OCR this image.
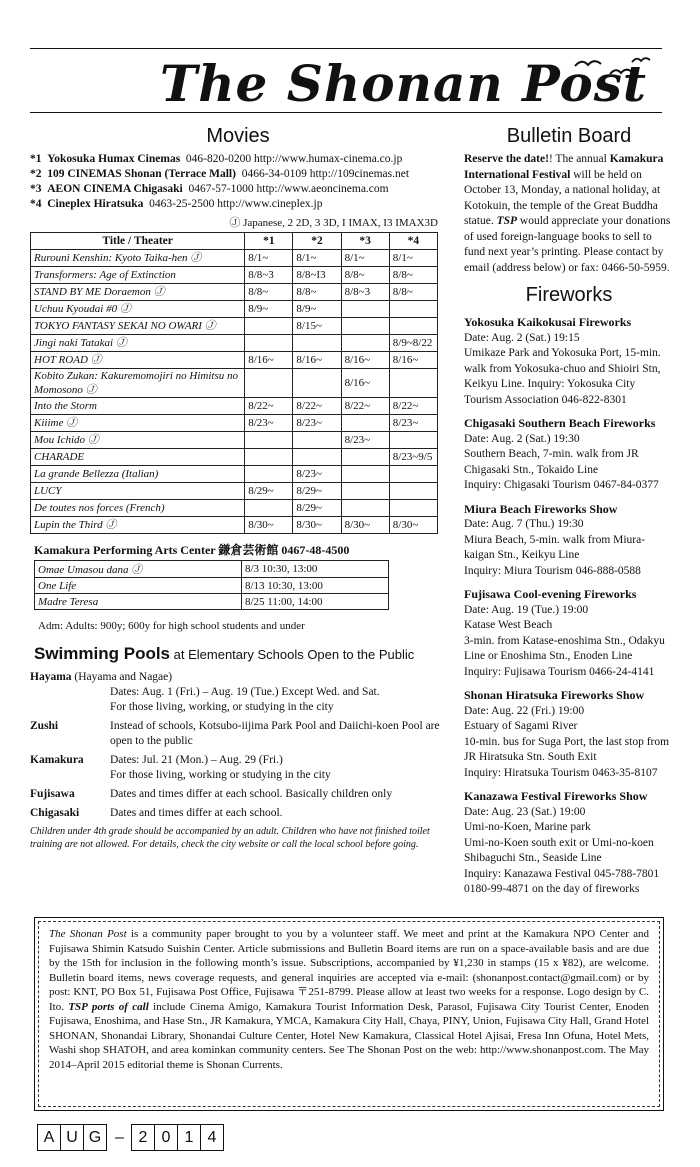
The Shonan Post
Movies
*1 Yokosuka Humax Cinemas 046-820-0200 http://www.humax-cinema.co.jp
*2 109 CINEMAS Shonan (Terrace Mall) 0466-34-0109 http://109cinemas.net
*3 AEON CINEMA Chigasaki 0467-57-1000 http://www.aeoncinema.com
*4 Cineplex Hiratsuka 0463-25-2500 http://www.cineplex.jp
Ⓙ Japanese, 2 2D, 3 3D, I IMAX, I3 IMAX3D
Title / Theater	*1	*2	*3	*4
Rurouni Kenshin: Kyoto Taika-hen Ⓙ	8/1~	8/1~	8/1~	8/1~
Transformers: Age of Extinction	8/8~3	8/8~I3	8/8~	8/8~
STAND BY ME Doraemon Ⓙ	8/8~	8/8~	8/8~3	8/8~
Uchuu Kyoudai #0 Ⓙ	8/9~	8/9~		
TOKYO FANTASY SEKAI NO OWARI Ⓙ		8/15~		
Jingi naki Tatakai Ⓙ				8/9~8/22
HOT ROAD Ⓙ	8/16~	8/16~	8/16~	8/16~
Kobito Zukan: Kakuremomojiri no Himitsu no Momosono Ⓙ			8/16~	
Into the Storm	8/22~	8/22~	8/22~	8/22~
Kiiime Ⓙ	8/23~	8/23~		8/23~
Mou Ichido Ⓙ			8/23~	
CHARADE				8/23~9/5
La grande Bellezza (Italian)		8/23~		
LUCY	8/29~	8/29~		
De toutes nos forces (French)		8/29~		
Lupin the Third Ⓙ	8/30~	8/30~	8/30~	8/30~
Kamakura Performing Arts Center 鎌倉芸術館 0467-48-4500
Omae Umasou dana Ⓙ	8/3 10:30, 13:00
One Life	8/13 10:30, 13:00
Madre Teresa	8/25 11:00, 14:00
Adm: Adults: 900y; 600y for high school students and under
Swimming Pools at Elementary Schools Open to the Public
Hayama (Hayama and Nagae)
Dates: Aug. 1 (Fri.) – Aug. 19 (Tue.) Except Wed. and Sat.
For those living, working, or studying in the city
Zushi	Instead of schools, Kotsubo-iijima Park Pool and Daiichi-koen Pool are open to the public
Kamakura Dates: Jul. 21 (Mon.) – Aug. 29 (Fri.)
For those living, working or studying in the city
Fujisawa	Dates and times differ at each school. Basically children only
Chigasaki	Dates and times differ at each school.
Children under 4th grade should be accompanied by an adult. Children who have not finished toilet training are not allowed. For details, check the city website or call the local school before going.
Bulletin Board
Reserve the date!! The annual Kamakura International Festival will be held on October 13, Monday, a national holiday, at Kotokuin, the temple of the Great Buddha statue. TSP would appreciate your donations of used foreign-language books to sell to fund next year’s printing. Please contact by email (address below) or fax: 0466-50-5959.
Fireworks
Yokosuka Kaikokusai Fireworks
Date: Aug. 2 (Sat.) 19:15
Umikaze Park and Yokosuka Port, 15-min. walk from Yokosuka-chuo and Shioiri Stn, Keikyu Line. Inquiry: Yokosuka City Tourism Association 046-822-8301
Chigasaki Southern Beach Fireworks
Date: Aug. 2 (Sat.) 19:30
Southern Beach, 7-min. walk from JR Chigasaki Stn., Tokaido Line
Inquiry: Chigasaki Tourism 0467-84-0377
Miura Beach Fireworks Show
Date: Aug. 7 (Thu.) 19:30
Miura Beach, 5-min. walk from Miura-kaigan Stn., Keikyu Line
Inquiry: Miura Tourism 046-888-0588
Fujisawa Cool-evening Fireworks
Date: Aug. 19 (Tue.) 19:00
Katase West Beach
3-min. from Katase-enoshima Stn., Odakyu Line or Enoshima Stn., Enoden Line
Inquiry: Fujisawa Tourism 0466-24-4141
Shonan Hiratsuka Fireworks Show
Date: Aug. 22 (Fri.) 19:00
Estuary of Sagami River
10-min. bus for Suga Port, the last stop from JR Hiratsuka Stn. South Exit
Inquiry: Hiratsuka Tourism 0463-35-8107
Kanazawa Festival Fireworks Show
Date: Aug. 23 (Sat.) 19:00
Umi-no-Koen, Marine park
Umi-no-Koen south exit or Umi-no-koen Shibaguchi Stn., Seaside Line
Inquiry: Kanazawa Festival 045-788-7801
0180-99-4871 on the day of fireworks
The Shonan Post is a community paper brought to you by a volunteer staff. We meet and print at the Kamakura NPO Center and Fujisawa Shimin Katsudo Suishin Center. Article submissions and Bulletin Board items are run on a space-available basis and are due by the 15th for inclusion in the following month’s issue. Subscriptions, accompanied by ¥1,230 in stamps (15 x ¥82), are welcome. Bulletin board items, news coverage requests, and general inquiries are accepted via e-mail: (shonanpost.contact@gmail.com) or by post: KNT, PO Box 51, Fujisawa Post Office, Fujisawa 〒251-8799. Please allow at least two weeks for a response. Logo design by C. Ito. TSP ports of call include Cinema Amigo, Kamakura Tourist Information Desk, Parasol, Fujisawa City Tourist Center, Enoden Fujisawa, Enoshima, and Hase Stn., JR Kamakura, YMCA, Kamakura City Hall, Chaya, PINY, Union, Fujisawa City Hall, Grand Hotel SHONAN, Shonandai Library, Shonandai Culture Center, Hotel New Kamakura, Classical Hotel Ajisai, Fresa Inn Ofuna, Hotel Mets, Washi shop SHATOH, and area kominkan community centers. See The Shonan Post on the web: http://www.shonanpost.com. The May 2014–April 2015 editorial theme is Shonan Currents.
A U G – 2 0 1 4
